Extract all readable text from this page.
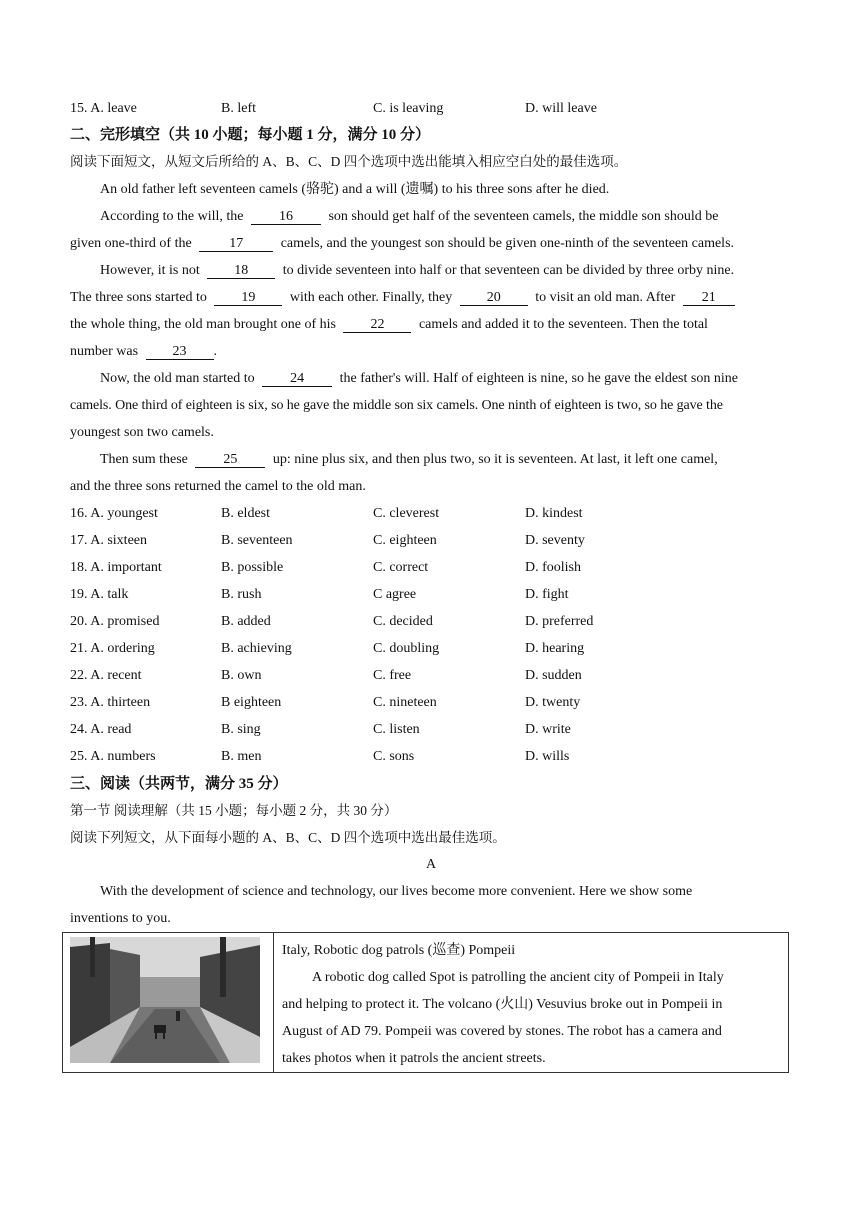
15. A. leave	B. left	C. is leaving	D. will leave
二、完形填空（共 10 小题；每小题 1 分，满分 10 分）
阅读下面短文，从短文后所给的 A、B、C、D 四个选项中选出能填入相应空白处的最佳选项。
An old father left seventeen camels (骆驼) and a will (遗嘱) to his three sons after he died.
According to the will, the	16	son should get half of the seventeen camels, the middle son should be
given one-third of the	17	camels, and the youngest son should be given one-ninth of the seventeen camels.
However, it is not 18 to divide seventeen into half or that seventeen can be divided by three orby nine.
The three sons started to 19 with each other. Finally, they 20 to visit an old man. After 21
the whole thing, the old man brought one of his 22 camels and added it to the seventeen. Then the total
number was 23 .
Now, the old man started to	24	the father's will. Half of eighteen is nine, so he gave the eldest son nine
camels. One third of eighteen is six, so he gave the middle son six camels. One ninth of eighteen is two, so he gave the
youngest son two camels.
Then sum these	25	up: nine plus six, and then plus two, so it is seventeen. At last, it left one camel,
and the three sons returned the camel to the old man.
16. A. youngest	B. eldest	C. cleverest	D. kindest
17. A. sixteen	B. seventeen	C. eighteen	D. seventy
18. A. important	B. possible	C. correct	D. foolish
19. A. talk	B. rush	C agree	D. fight
20. A. promised	B. added	C. decided	D. preferred
21. A. ordering	B. achieving	C. doubling	D. hearing
22. A. recent	B. own	C. free	D. sudden
23. A. thirteen	B eighteen	C. nineteen	D. twenty
24. A. read	B. sing	C. listen	D. write
25. A. numbers	B. men	C. sons	D. wills
三、阅读（共两节，满分 35 分）
第一节 阅读理解（共 15 小题；每小题 2 分，共 30 分）
阅读下列短文，从下面每小题的 A、B、C、D 四个选项中选出最佳选项。
A
With the development of science and technology, our lives become more convenient. Here we show some
inventions to you.

Italy, Robotic dog patrols (巡查) Pompeii
A robotic dog called Spot is patrolling the ancient city of Pompeii in Italy
and helping to protect it. The volcano (火山) Vesuvius broke out in Pompeii in
August of AD 79. Pompeii was covered by stones. The robot has a camera and
takes photos when it patrols the ancient streets.
